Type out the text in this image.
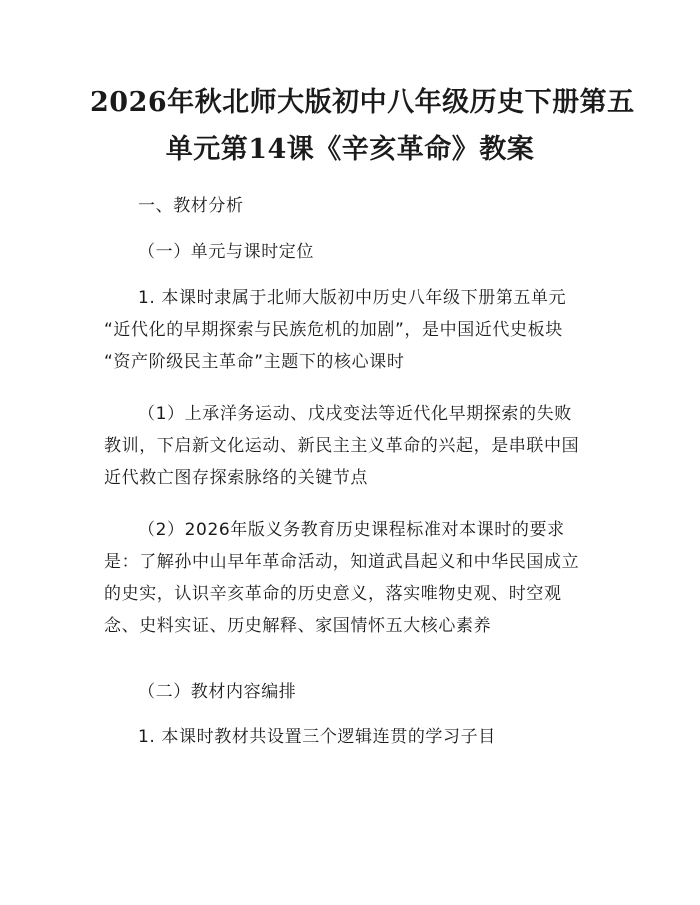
2026年秋北师大版初中八年级历史下册第五
单元第14课《辛亥革命》教案

一、教材分析

（一）单元与课时定位

1. 本课时隶属于北师大版初中历史八年级下册第五单元
“近代化的早期探索与民族危机的加剧”，是中国近代史板块
“资产阶级民主革命”主题下的核心课时

（1）上承洋务运动、戊戌变法等近代化早期探索的失败
教训，下启新文化运动、新民主主义革命的兴起，是串联中国
近代救亡图存探索脉络的关键节点

（2）2026年版义务教育历史课程标准对本课时的要求
是：了解孙中山早年革命活动，知道武昌起义和中华民国成立
的史实，认识辛亥革命的历史意义，落实唯物史观、时空观
念、史料实证、历史解释、家国情怀五大核心素养

（二）教材内容编排

1. 本课时教材共设置三个逻辑连贯的学习子目
